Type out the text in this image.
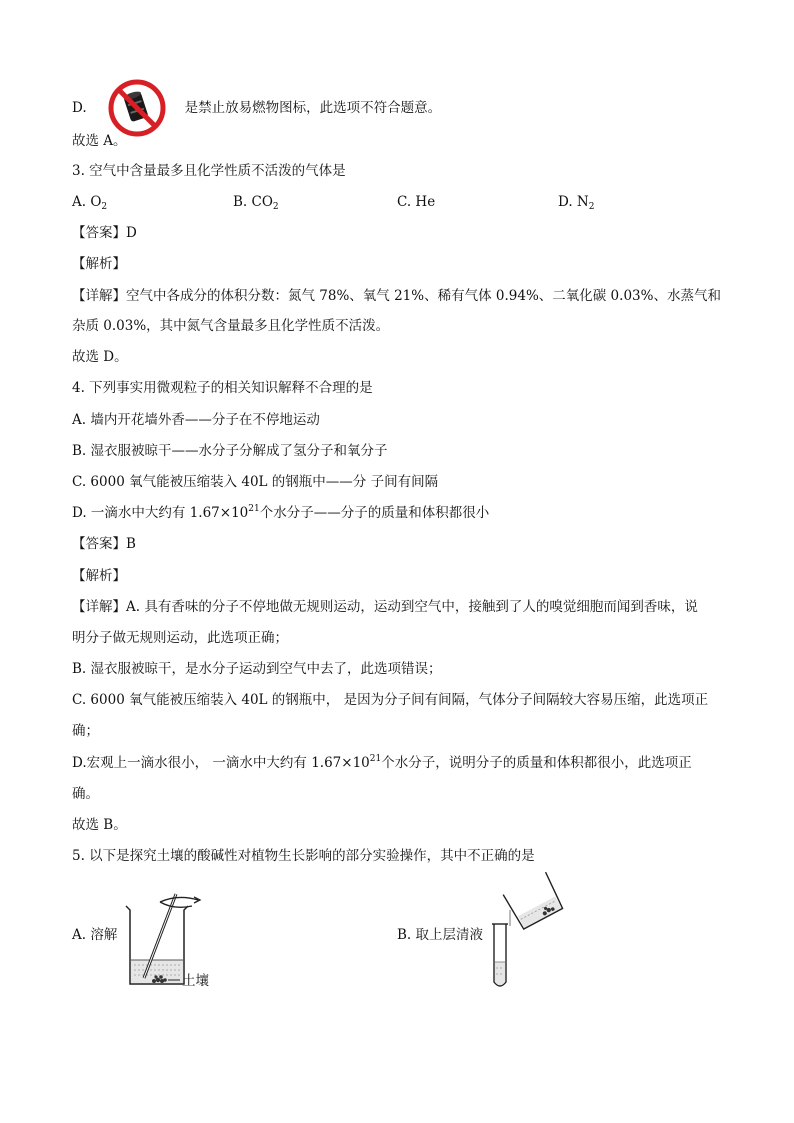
D.	是禁止放易燃物图标，此选项不符合题意。
故选 A。
3. 空气中含量最多且化学性质不活泼的气体是
A. $O_2$	B. $CO_2$	C. He	D. $N_2$
【答案】D
【解析】
【详解】空气中各成分的体积分数：氮气 78%、氧气 21%、稀有气体 0.94%、二氧化碳 0.03%、水蒸气和
杂质 0.03%，其中氮气含量最多且化学性质不活泼。
故选 D。
4. 下列事实用微观粒子的相关知识解释不合理的是
A. 墙内开花墙外香——分子在不停地运动
B. 湿衣服被晾干——水分子分解成了氢分子和氧分子
C. 6000 氧气能被压缩装入 40L 的钢瓶中——分 子间有间隔
D. 一滴水中大约有 $1.67\times 10^{21}$个水分子——分子的质量和体积都很小
【答案】B
【解析】
【详解】A. 具有香味的分子不停地做无规则运动，运动到空气中，接触到了人的嗅觉细胞而闻到香味，说
明分子做无规则运动，此选项正确；
B. 湿衣服被晾干，是水分子运动到空气中去了，此选项错误；
C. 6000 氧气能被压缩装入 40L 的钢瓶中， 是因为分子间有间隔，气体分子间隔较大容易压缩，此选项正
确；
D.宏观上一滴水很小， 一滴水中大约有 $1.67\times 10^{21}$个水分子，说明分子的质量和体积都很小，此选项正
确。
故选 B。
5. 以下是探究土壤的酸碱性对植物生长影响的部分实验操作，其中不正确的是
A. 溶解
土壤
B. 取上层清液
